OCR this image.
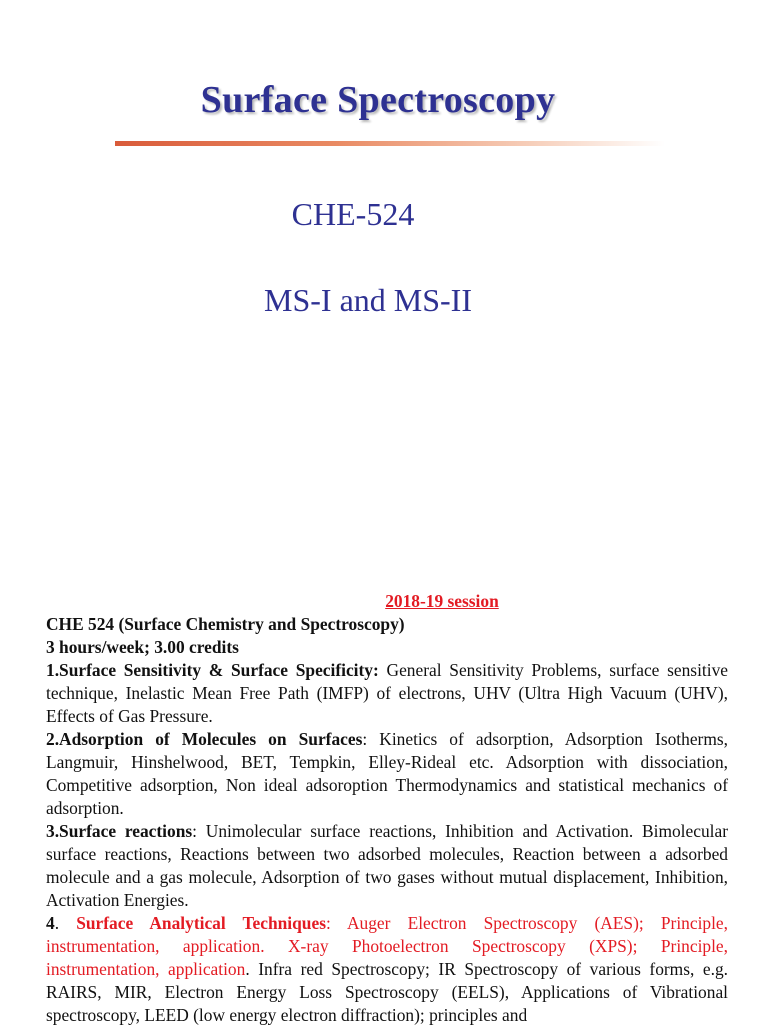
Surface Spectroscopy
CHE-524
MS-I and MS-II
2018-19 session
CHE 524 (Surface Chemistry and Spectroscopy)
3 hours/week; 3.00 credits
1.Surface Sensitivity & Surface Specificity: General Sensitivity Problems, surface sensitive technique, Inelastic Mean Free Path (IMFP) of electrons, UHV (Ultra High Vacuum (UHV), Effects of Gas Pressure.
2.Adsorption of Molecules on Surfaces: Kinetics of adsorption, Adsorption Isotherms, Langmuir, Hinshelwood, BET, Tempkin, Elley-Rideal etc. Adsorption with dissociation, Competitive adsorption, Non ideal adsoroption Thermodynamics and statistical mechanics of adsorption.
3.Surface reactions: Unimolecular surface reactions, Inhibition and Activation. Bimolecular surface reactions, Reactions between two adsorbed molecules, Reaction between a adsorbed molecule and a gas molecule, Adsorption of two gases without mutual displacement, Inhibition, Activation Energies.
4. Surface Analytical Techniques: Auger Electron Spectroscopy (AES); Principle, instrumentation, application. X-ray Photoelectron Spectroscopy (XPS); Principle, instrumentation, application. Infra red Spectroscopy; IR Spectroscopy of various forms, e.g. RAIRS, MIR, Electron Energy Loss Spectroscopy (EELS), Applications of Vibrational spectroscopy, LEED (low energy electron diffraction); principles and
